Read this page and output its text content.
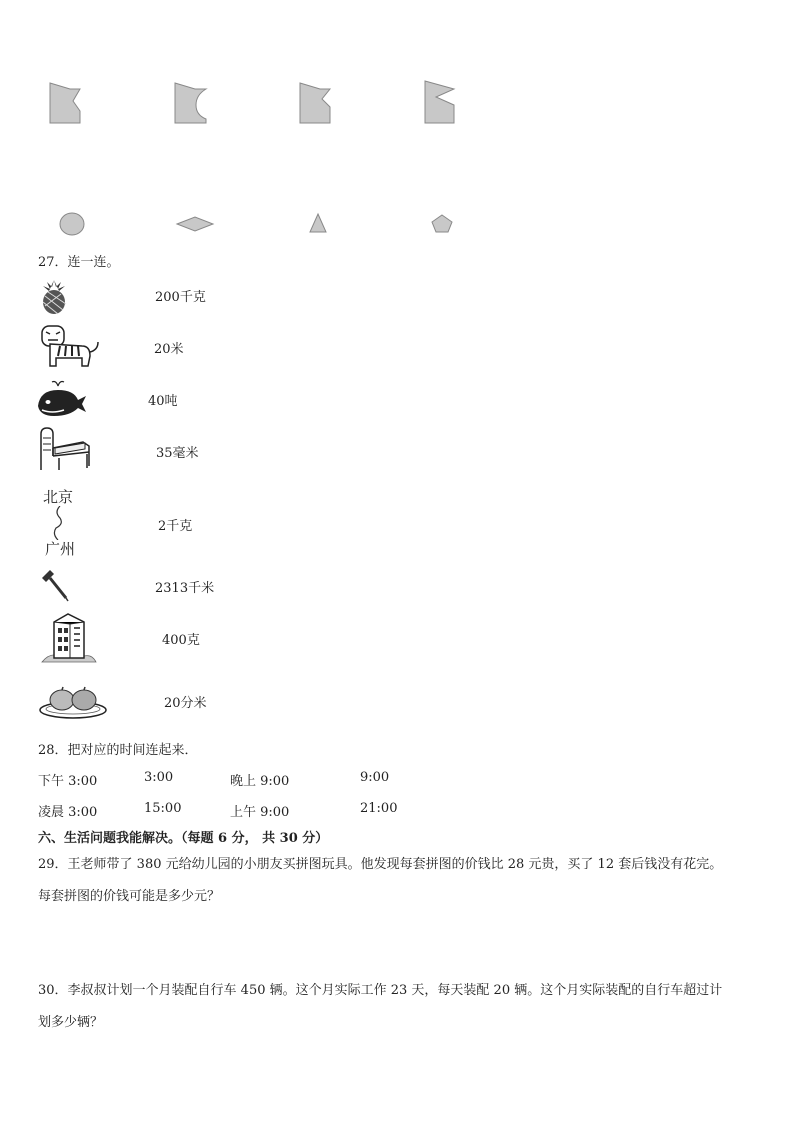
27．连一连。
200千克
20米
40吨
35毫米
北京
广州
2千克
2313千米
400克
20分米
28．把对应的时间连起来．
下午 3:00	3:00	晚上 9:00	9:00
凌晨 3:00	15:00	上午 9:00	21:00
六、生活问题我能解决。（每题 6 分， 共 30 分）
29．王老师带了 380 元给幼儿园的小朋友买拼图玩具。他发现每套拼图的价钱比 28 元贵，买了 12 套后钱没有花完。
每套拼图的价钱可能是多少元？
30．李叔叔计划一个月装配自行车 450 辆。这个月实际工作 23 天，每天装配 20 辆。这个月实际装配的自行车超过计
划多少辆？
